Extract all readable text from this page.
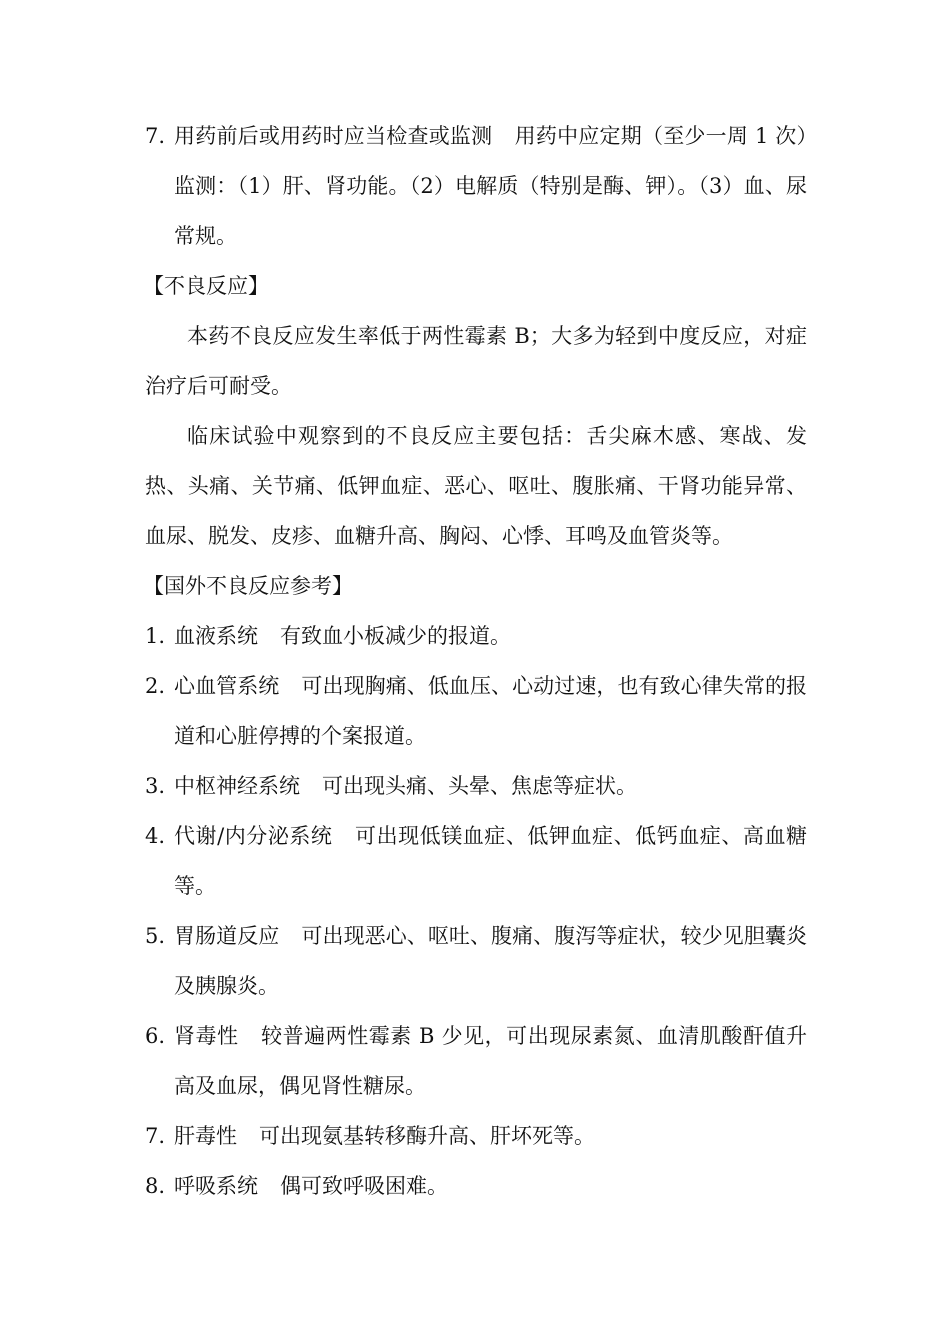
7. 用药前后或用药时应当检查或监测 用药中应定期（至少一周 1 次）监测：（1）肝、肾功能。（2）电解质（特别是酶、钾）。（3）血、尿常规。
【不良反应】
本药不良反应发生率低于两性霉素 B；大多为轻到中度反应，对症治疗后可耐受。
临床试验中观察到的不良反应主要包括：舌尖麻木感、寒战、发热、头痛、关节痛、低钾血症、恶心、呕吐、腹胀痛、干肾功能异常、血尿、脱发、皮疹、血糖升高、胸闷、心悸、耳鸣及血管炎等。
【国外不良反应参考】
1. 血液系统 有致血小板减少的报道。
2. 心血管系统 可出现胸痛、低血压、心动过速，也有致心律失常的报道和心脏停搏的个案报道。
3. 中枢神经系统 可出现头痛、头晕、焦虑等症状。
4. 代谢/内分泌系统 可出现低镁血症、低钾血症、低钙血症、高血糖等。
5. 胃肠道反应 可出现恶心、呕吐、腹痛、腹泻等症状，较少见胆囊炎及胰腺炎。
6. 肾毒性 较普遍两性霉素 B 少见，可出现尿素氮、血清肌酸酐值升高及血尿，偶见肾性糖尿。
7. 肝毒性 可出现氨基转移酶升高、肝坏死等。
8. 呼吸系统 偶可致呼吸困难。
